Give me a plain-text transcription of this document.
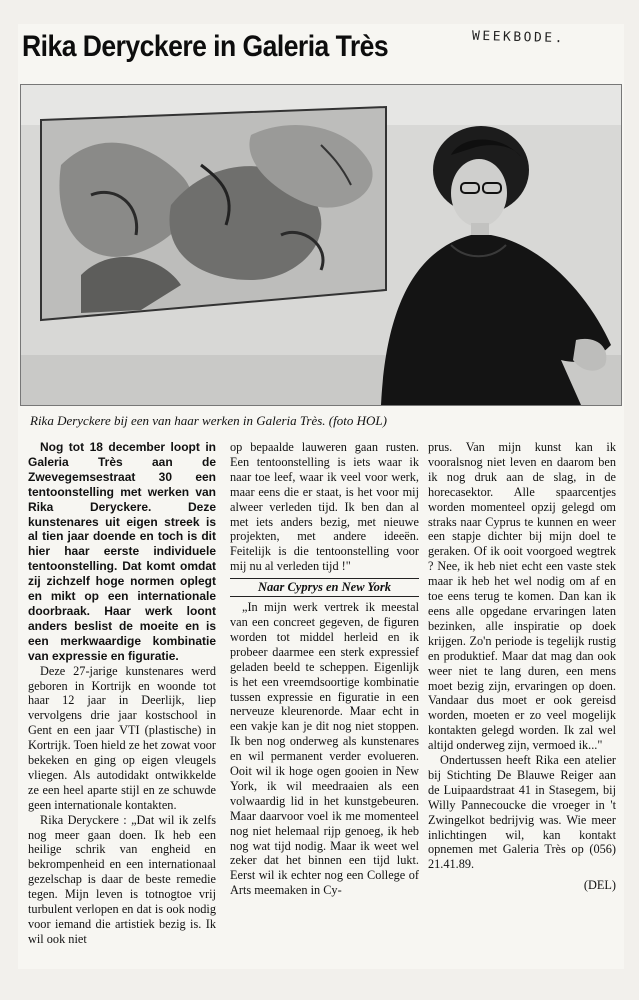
Rika Deryckere in Galeria Très	WEEKBODE.
Rika Deryckere bij een van haar werken in Galeria Très. (foto HOL)

Nog tot 18 december loopt in Galeria Très aan de Zwevegemsestraat 30 een tentoonstelling met werken van Rika Deryckere. Deze kunstenares uit eigen streek is al tien jaar doende en toch is dit hier haar eerste individuele tentoonstelling. Dat komt omdat zij zichzelf hoge normen oplegt en mikt op een internationale doorbraak. Haar werk loont anders beslist de moeite en is een merkwaardige kombinatie van expressie en figuratie.

Deze 27-jarige kunstenares werd geboren in Kortrijk en woonde tot haar 12 jaar in Deerlijk, liep vervolgens drie jaar kostschool in Gent en een jaar VTI (plastische) in Kortrijk. Toen hield ze het zowat voor bekeken en ging op eigen vleugels vliegen. Als autodidakt ontwikkelde ze een heel aparte stijl en ze schuwde geen internationale kontakten.

Rika Deryckere : „Dat wil ik zelfs nog meer gaan doen. Ik heb een heilige schrik van engheid en bekrompenheid en een internationaal gezelschap is daar de beste remedie tegen. Mijn leven is totnogtoe vrij turbulent verlopen en dat is ook nodig voor iemand die artistiek bezig is. Ik wil ook niet

op bepaalde lauweren gaan rusten. Een tentoonstelling is iets waar ik naar toe leef, waar ik veel voor werk, maar eens die er staat, is het voor mij alweer verleden tijd. Ik ben dan al met iets anders bezig, met nieuwe projekten, met andere ideeën. Feitelijk is die tentoonstelling voor mij nu al verleden tijd !"

Naar Cyprys en New York

„In mijn werk vertrek ik meestal van een concreet gegeven, de figuren worden tot middel herleid en ik probeer daarmee een sterk expressief geladen beeld te scheppen. Eigenlijk is het een vreemdsoortige kombinatie tussen expressie en figuratie in een nerveuze kleurenorde. Maar echt in een vakje kan je dit nog niet stoppen. Ik ben nog onderweg als kunstenares en wil permanent verder evolueren. Ooit wil ik hoge ogen gooien in New York, ik wil meedraaien als een volwaardig lid in het kunstgebeuren. Maar daarvoor voel ik me momenteel nog niet helemaal rijp genoeg, ik heb nog wat tijd nodig. Maar ik weet wel zeker dat het binnen een tijd lukt. Eerst wil ik echter nog een College of Arts meemaken in Cy-

prus. Van mijn kunst kan ik vooralsnog niet leven en daarom ben ik nog druk aan de slag, in de horecasektor. Alle spaarcentjes worden momenteel opzij gelegd om straks naar Cyprus te kunnen en weer een stapje dichter bij mijn doel te geraken. Of ik ooit voorgoed wegtrek ? Nee, ik heb niet echt een vaste stek maar ik heb het wel nodig om af en toe eens terug te komen. Dan kan ik eens alle opgedane ervaringen laten bezinken, alle inspiratie op doek krijgen. Zo'n periode is tegelijk rustig en produktief. Maar dat mag dan ook weer niet te lang duren, een mens moet bezig zijn, ervaringen op doen. Vandaar dus moet er ook gereisd worden, moeten er zo veel mogelijk kontakten gelegd worden. Ik zal wel altijd onderweg zijn, vermoed ik..."

Ondertussen heeft Rika een atelier bij Stichting De Blauwe Reiger aan de Luipaardstraat 41 in Stasegem, bij Willy Pannecoucke die vroeger in 't Zwingelkot bedrijvig was. Wie meer inlichtingen wil, kan kontakt opnemen met Galeria Très op (056) 21.41.89.

(DEL)
